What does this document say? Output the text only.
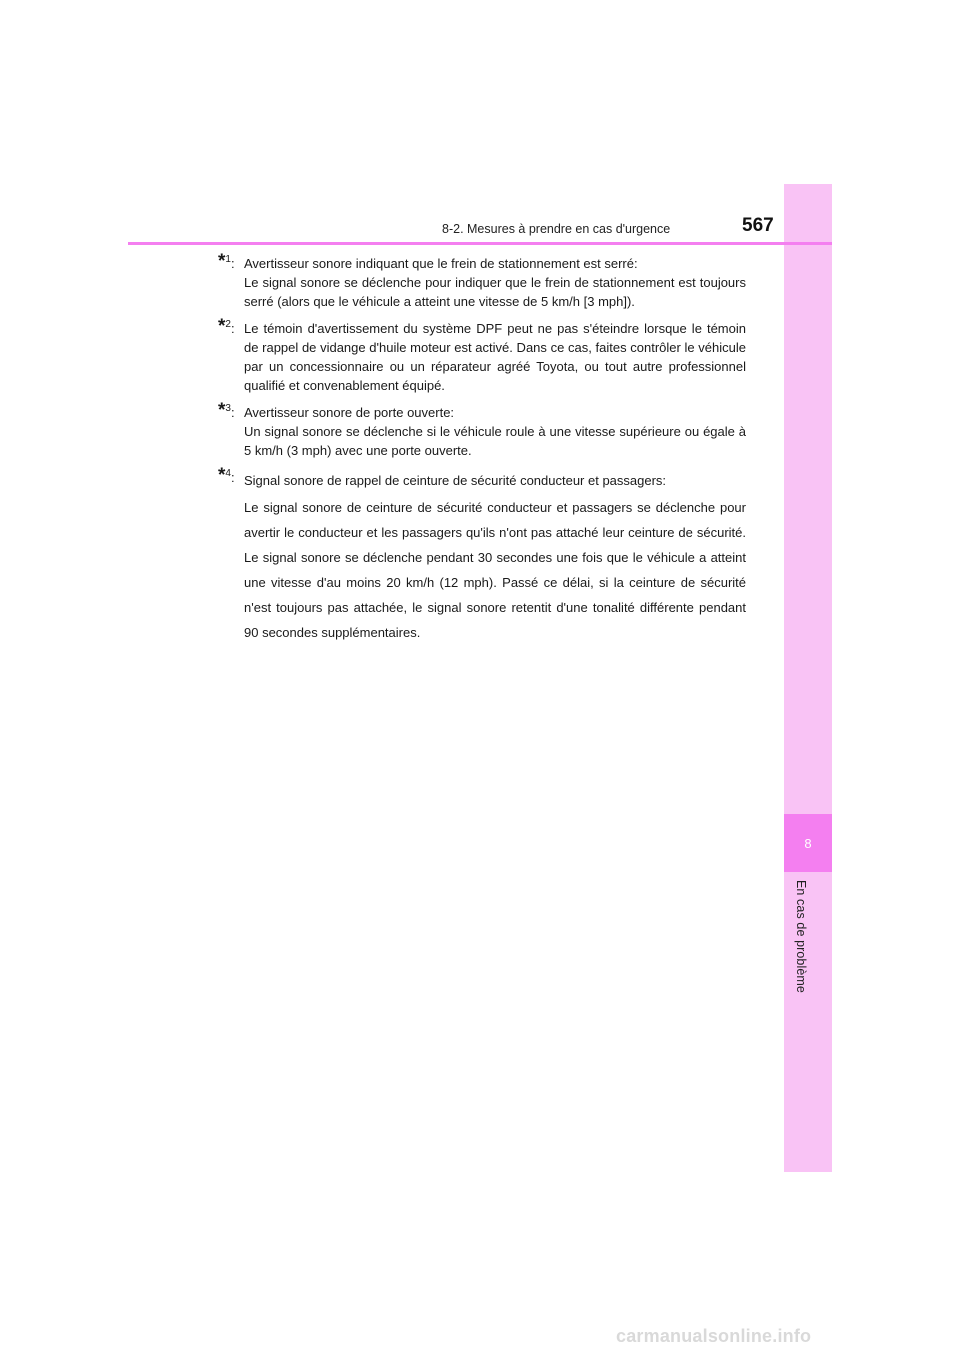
8
En cas de problème
8-2. Mesures à prendre en cas d'urgence	567
*$^1$: Avertisseur sonore indiquant que le frein de stationnement est serré:
Le signal sonore se déclenche pour indiquer que le frein de stationnement est toujours serré (alors que le véhicule a atteint une vitesse de 5 km/h [3 mph]).
*$^2$: Le témoin d'avertissement du système DPF peut ne pas s'éteindre lorsque le témoin de rappel de vidange d'huile moteur est activé. Dans ce cas, faites contrôler le véhicule par un concessionnaire ou un réparateur agréé Toyota, ou tout autre professionnel qualifié et convenablement équipé.
*$^3$: Avertisseur sonore de porte ouverte:
Un signal sonore se déclenche si le véhicule roule à une vitesse supérieure ou égale à 5 km/h (3 mph) avec une porte ouverte.
*$^4$: Signal sonore de rappel de ceinture de sécurité conducteur et passagers:
Le signal sonore de ceinture de sécurité conducteur et passagers se déclenche pour avertir le conducteur et les passagers qu'ils n'ont pas attaché leur ceinture de sécurité. Le signal sonore se déclenche pendant 30 secondes une fois que le véhicule a atteint une vitesse d'au moins 20 km/h (12 mph). Passé ce délai, si la ceinture de sécurité n'est toujours pas attachée, le signal sonore retentit d'une tonalité différente pendant 90 secondes supplémentaires.
carmanualsonline.info
